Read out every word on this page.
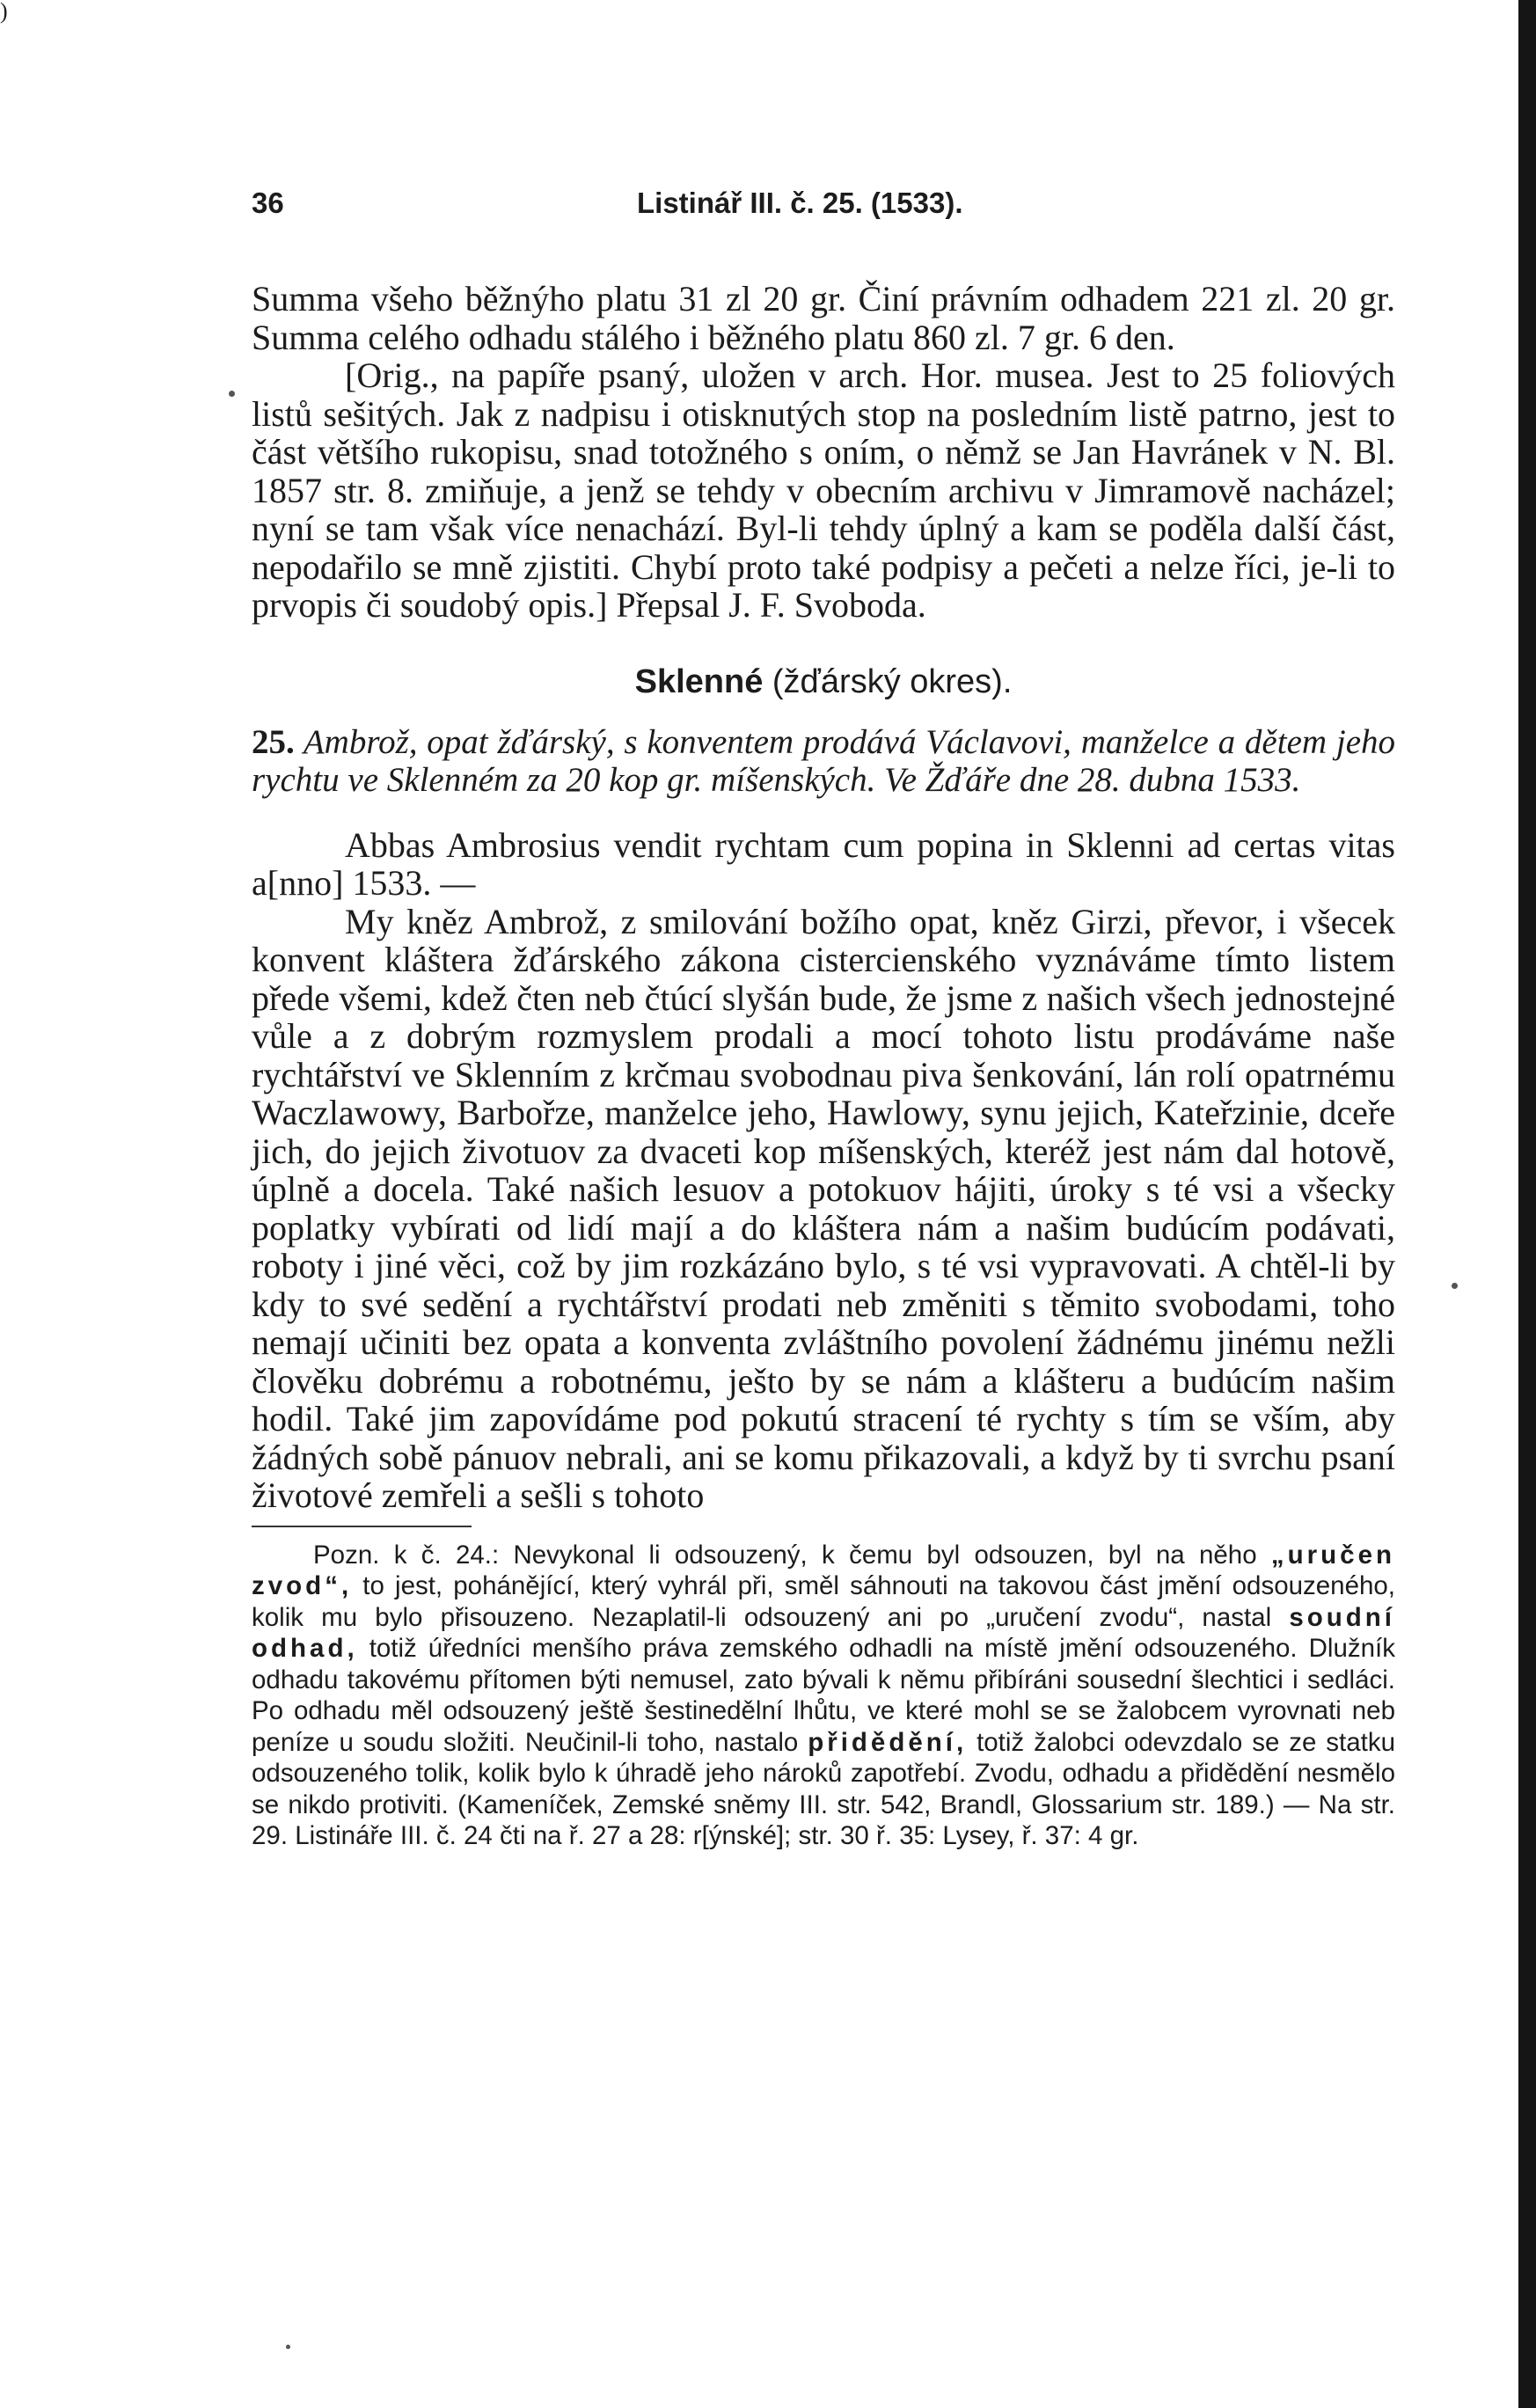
)
36	Listinář III. č. 25. (1533).

Summa všeho běžnýho platu 31 zl 20 gr. Činí právním odhadem 221 zl. 20 gr. Summa celého odhadu stálého i běžného platu 860 zl. 7 gr. 6 den.

[Orig., na papíře psaný, uložen v arch. Hor. musea. Jest to 25 foliových listů sešitých. Jak z nadpisu i otisknutých stop na posledním listě patrno, jest to část většího rukopisu, snad totožného s oním, o němž se Jan Havránek v N. Bl. 1857 str. 8. zmiňuje, a jenž se tehdy v obecním archivu v Jimramově nacházel; nyní se tam však více nenachází. Byl-li tehdy úplný a kam se poděla další část, nepodařilo se mně zjistiti. Chybí proto také podpisy a pečeti a nelze říci, je-li to prvopis či soudobý opis.] Přepsal J. F. Svoboda.

Sklenné (žďárský okres).

25. Ambrož, opat žďárský, s konventem prodává Václavovi, manželce a dětem jeho rychtu ve Sklenném za 20 kop gr. míšenských. Ve Žďáře dne 28. dubna 1533.

Abbas Ambrosius vendit rychtam cum popina in Sklenni ad certas vitas a[nno] 1533. —

My kněz Ambrož, z smilování božího opat, kněz Girzi, převor, i všecek konvent kláštera žďárského zákona cistercienského vyznáváme tímto listem přede všemi, kdež čten neb čtúcí slyšán bude, že jsme z našich všech jednostejné vůle a z dobrým rozmyslem prodali a mocí tohoto listu prodáváme naše rychtářství ve Sklenním z krčmau svobodnau piva šenkování, lán rolí opatrnému Waczlawowy, Barbořze, manželce jeho, Hawlowy, synu jejich, Kateřzinie, dceře jich, do jejich životuov za dvaceti kop míšenských, kteréž jest nám dal hotově, úplně a docela. Také našich lesuov a potokuov hájiti, úroky s té vsi a všecky poplatky vybírati od lidí mají a do kláštera nám a našim budúcím podávati, roboty i jiné věci, což by jim rozkázáno bylo, s té vsi vypravovati. A chtěl-li by kdy to své sedění a rychtářství prodati neb změniti s těmito svobodami, toho nemají učiniti bez opata a konventa zvláštního povolení žádnému jinému nežli člověku dobrému a robotnému, ješto by se nám a klášteru a budúcím našim hodil. Také jim zapovídáme pod pokutú stracení té rychty s tím se vším, aby žádných sobě pánuov nebrali, ani se komu přikazovali, a když by ti svrchu psaní životové zemřeli a sešli s tohoto

Pozn. k č. 24.: Nevykonal li odsouzený, k čemu byl odsouzen, byl na něho „uručen zvod“, to jest, pohánějící, který vyhrál při, směl sáhnouti na takovou část jmění odsouzeného, kolik mu bylo přisouzeno. Nezaplatil-li odsouzený ani po „uručení zvodu“, nastal soudní odhad, totiž úředníci menšího práva zemského odhadli na místě jmění odsouzeného. Dlužník odhadu takovému přítomen býti nemusel, zato bývali k němu přibíráni sousední šlechtici i sedláci. Po odhadu měl odsouzený ještě šestinedělní lhůtu, ve které mohl se se žalobcem vyrovnati neb peníze u soudu složiti. Neučinil-li toho, nastalo přidědění, totiž žalobci odevzdalo se ze statku odsouzeného tolik, kolik bylo k úhradě jeho nároků zapotřebí. Zvodu, odhadu a přidědění nesmělo se nikdo protiviti. (Kameníček, Zemské sněmy III. str. 542, Brandl, Glossarium str. 189.) — Na str. 29. Listináře III. č. 24 čti na ř. 27 a 28: r[ýnské]; str. 30 ř. 35: Lysey, ř. 37: 4 gr.
